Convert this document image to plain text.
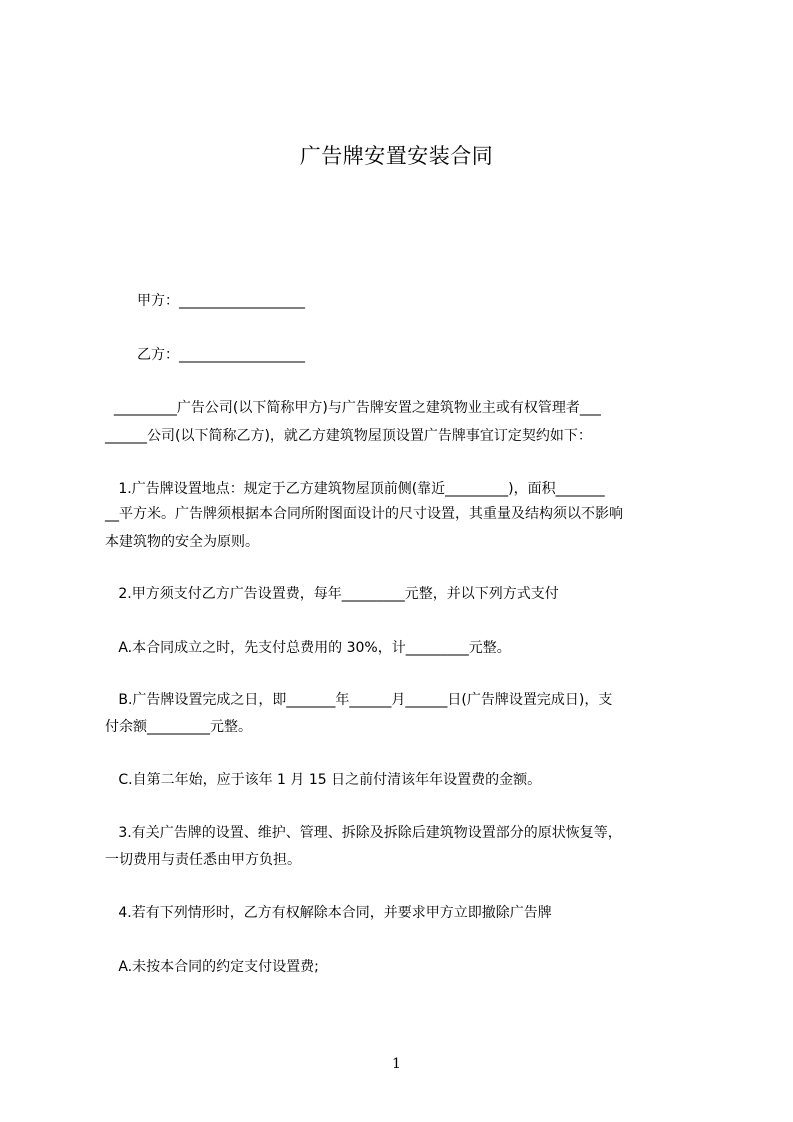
广告牌安置安装合同
甲方：__________________
乙方：__________________
_________广告公司(以下简称甲方)与广告牌安置之建筑物业主或有权管理者___
______公司(以下简称乙方)，就乙方建筑物屋顶设置广告牌事宜订定契约如下：
1.广告牌设置地点：规定于乙方建筑物屋顶前侧(靠近_________)，面积_______
__平方米。广告牌须根据本合同所附图面设计的尺寸设置，其重量及结构须以不影响
本建筑物的安全为原则。
2.甲方须支付乙方广告设置费，每年_________元整，并以下列方式支付
A.本合同成立之时，先支付总费用的 30%，计_________元整。
B.广告牌设置完成之日，即_______年______月______日(广告牌设置完成日)，支
付余额_________元整。
C.自第二年始，应于该年 1 月 15 日之前付清该年年设置费的金额。
3.有关广告牌的设置、维护、管理、拆除及拆除后建筑物设置部分的原状恢复等，
一切费用与责任悉由甲方负担。
4.若有下列情形时，乙方有权解除本合同，并要求甲方立即撤除广告牌
A.未按本合同的约定支付设置费;
1
